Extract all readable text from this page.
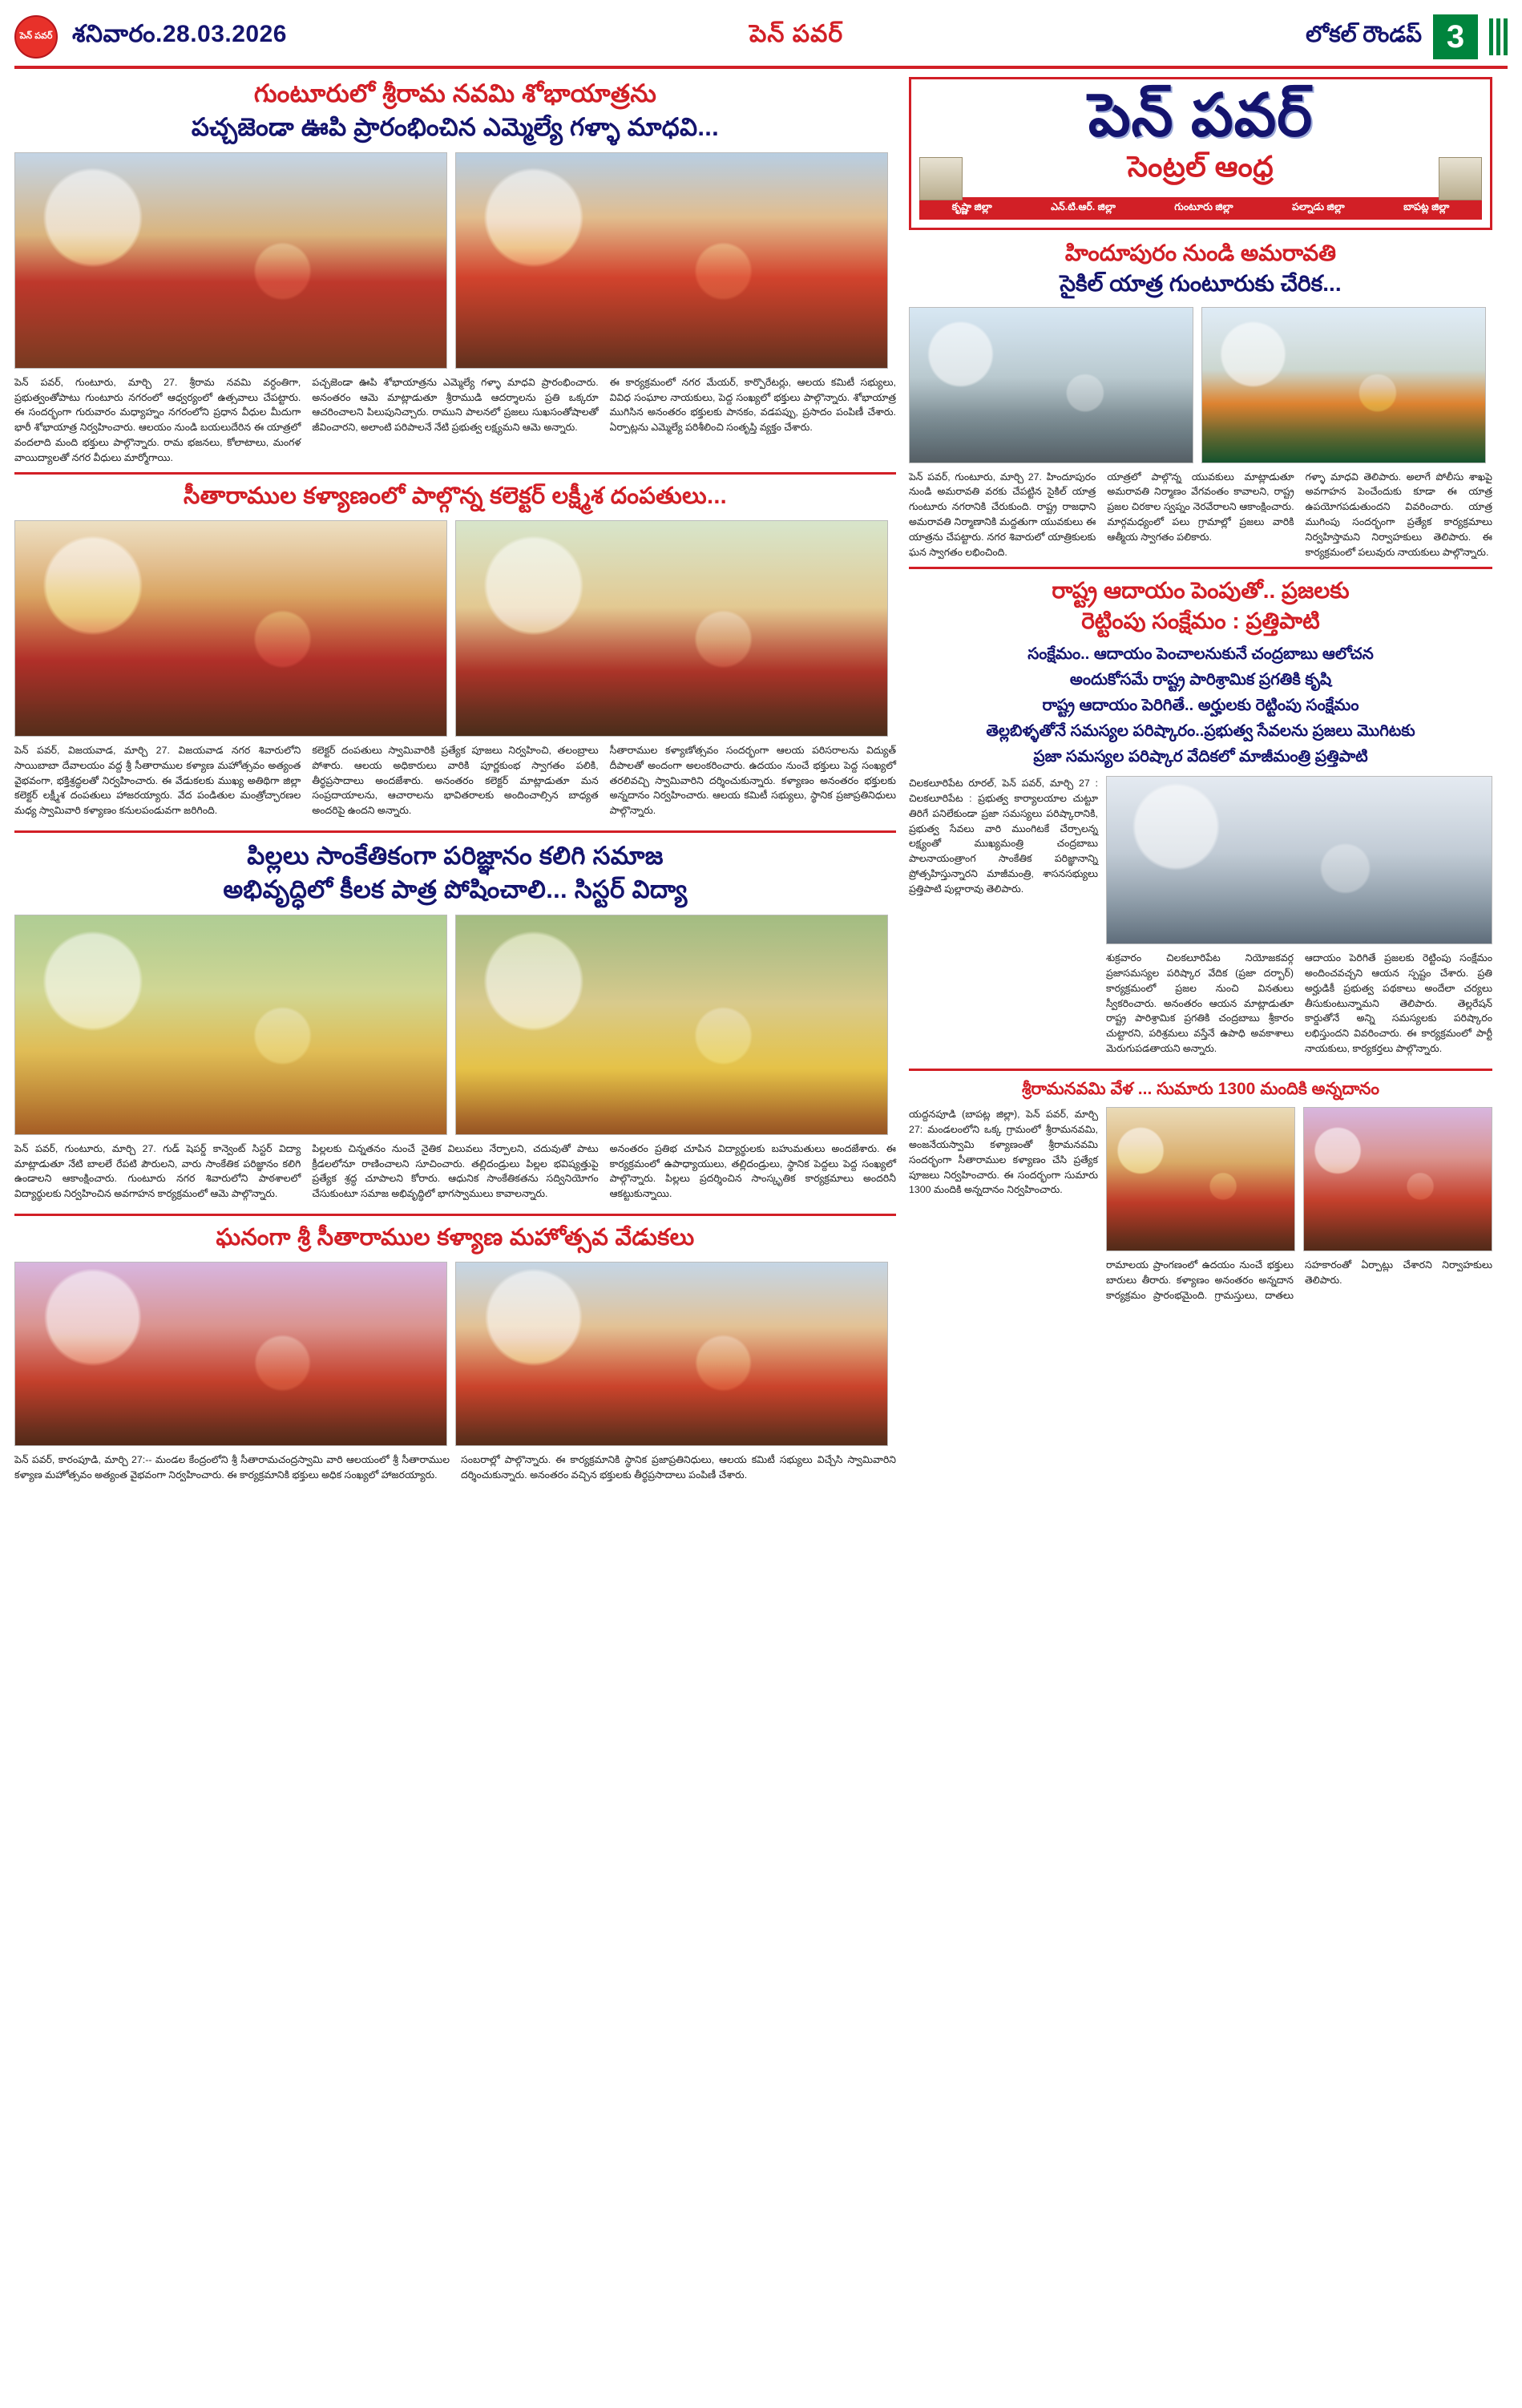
పెన్ పవర్ శనివారం.28.03.2026	పెన్ పవర్	లోకల్ రౌండప్ 3
గుంటూరులో శ్రీరామ నవమి శోభాయాత్రను
పచ్చజెండా ఊపి ప్రారంభించిన ఎమ్మెల్యే గళ్ళా మాధవి...

పెన్ పవర్, గుంటూరు, మార్చి 27. శ్రీరామ నవమి వర్ధంతిగా, ప్రభుత్వంతోపాటు గుంటూరు నగరంలో ఆధ్వర్యంలో ఉత్సవాలు చేపట్టారు. ఈ సందర్భంగా గురువారం మధ్యాహ్నం నగరంలోని ప్రధాన వీధుల మీదుగా భారీ శోభాయాత్ర నిర్వహించారు. ఆలయం నుండి బయలుదేరిన ఈ యాత్రలో వందలాది మంది భక్తులు పాల్గొన్నారు. రామ భజనలు, కోలాటాలు, మంగళ వాయిద్యాలతో నగర వీధులు మార్మోగాయి.

పచ్చజెండా ఊపి శోభాయాత్రను ఎమ్మెల్యే గళ్ళా మాధవి ప్రారంభించారు. అనంతరం ఆమె మాట్లాడుతూ శ్రీరాముడి ఆదర్శాలను ప్రతి ఒక్కరూ ఆచరించాలని పిలుపునిచ్చారు. రాముని పాలనలో ప్రజలు సుఖసంతోషాలతో జీవించారని, అలాంటి పరిపాలనే నేటి ప్రభుత్వ లక్ష్యమని ఆమె అన్నారు.

ఈ కార్యక్రమంలో నగర మేయర్, కార్పొరేటర్లు, ఆలయ కమిటీ సభ్యులు, వివిధ సంఘాల నాయకులు, పెద్ద సంఖ్యలో భక్తులు పాల్గొన్నారు. శోభాయాత్ర ముగిసిన అనంతరం భక్తులకు పానకం, వడపప్పు, ప్రసాదం పంపిణీ చేశారు. ఏర్పాట్లను ఎమ్మెల్యే పరిశీలించి సంతృప్తి వ్యక్తం చేశారు.

సీతారాముల కళ్యాణంలో పాల్గొన్న కలెక్టర్ లక్ష్మీశ దంపతులు...

పెన్ పవర్, విజయవాడ, మార్చి 27. విజయవాడ నగర శివారులోని సాయిబాబా దేవాలయం వద్ద శ్రీ సీతారాముల కళ్యాణ మహోత్సవం అత్యంత వైభవంగా, భక్తిశ్రద్ధలతో నిర్వహించారు. ఈ వేడుకలకు ముఖ్య అతిథిగా జిల్లా కలెక్టర్ లక్ష్మీశ దంపతులు హాజరయ్యారు. వేద పండితుల మంత్రోచ్ఛారణల మధ్య స్వామివారి కళ్యాణం కనులపండువగా జరిగింది.

కలెక్టర్ దంపతులు స్వామివారికి ప్రత్యేక పూజలు నిర్వహించి, తలంబ్రాలు పోశారు. ఆలయ అధికారులు వారికి పూర్ణకుంభ స్వాగతం పలికి, తీర్థప్రసాదాలు అందజేశారు. అనంతరం కలెక్టర్ మాట్లాడుతూ మన సంప్రదాయాలను, ఆచారాలను భావితరాలకు అందించాల్సిన బాధ్యత అందరిపై ఉందని అన్నారు.

సీతారాముల కళ్యాణోత్సవం సందర్భంగా ఆలయ పరిసరాలను విద్యుత్ దీపాలతో అందంగా అలంకరించారు. ఉదయం నుంచే భక్తులు పెద్ద సంఖ్యలో తరలివచ్చి స్వామివారిని దర్శించుకున్నారు. కళ్యాణం అనంతరం భక్తులకు అన్నదానం నిర్వహించారు. ఆలయ కమిటీ సభ్యులు, స్థానిక ప్రజాప్రతినిధులు పాల్గొన్నారు.

పిల్లలు సాంకేతికంగా పరిజ్ఞానం కలిగి సమాజ
అభివృద్ధిలో కీలక పాత్ర పోషించాలి... సిస్టర్ విద్యా

పెన్ పవర్, గుంటూరు, మార్చి 27. గుడ్ షెపర్డ్ కాన్వెంట్ సిస్టర్ విద్యా మాట్లాడుతూ నేటి బాలలే రేపటి పౌరులని, వారు సాంకేతిక పరిజ్ఞానం కలిగి ఉండాలని ఆకాంక్షించారు. గుంటూరు నగర శివారులోని పాఠశాలలో విద్యార్థులకు నిర్వహించిన అవగాహన కార్యక్రమంలో ఆమె పాల్గొన్నారు.

పిల్లలకు చిన్నతనం నుంచే నైతిక విలువలు నేర్పాలని, చదువుతో పాటు క్రీడలలోనూ రాణించాలని సూచించారు. తల్లిదండ్రులు పిల్లల భవిష్యత్తుపై ప్రత్యేక శ్రద్ధ చూపాలని కోరారు. ఆధునిక సాంకేతికతను సద్వినియోగం చేసుకుంటూ సమాజ అభివృద్ధిలో భాగస్వాములు కావాలన్నారు.

అనంతరం ప్రతిభ చూపిన విద్యార్థులకు బహుమతులు అందజేశారు. ఈ కార్యక్రమంలో ఉపాధ్యాయులు, తల్లిదండ్రులు, స్థానిక పెద్దలు పెద్ద సంఖ్యలో పాల్గొన్నారు. పిల్లలు ప్రదర్శించిన సాంస్కృతిక కార్యక్రమాలు అందరినీ ఆకట్టుకున్నాయి.

ఘనంగా శ్రీ సీతారాముల కళ్యాణ మహోత్సవ వేడుకలు

పెన్ పవర్, కారంపూడి, మార్చి 27:-- మండల కేంద్రంలోని శ్రీ సీతారామచంద్రస్వామి వారి ఆలయంలో శ్రీ సీతారాముల కళ్యాణ మహోత్సవం అత్యంత వైభవంగా నిర్వహించారు. ఈ కార్యక్రమానికి భక్తులు అధిక సంఖ్యలో హాజరయ్యారు.

సంబరాల్లో పాల్గొన్నారు. ఈ కార్యక్రమానికి స్థానిక ప్రజాప్రతినిధులు, ఆలయ కమిటీ సభ్యులు విచ్చేసి స్వామివారిని దర్శించుకున్నారు. అనంతరం వచ్చిన భక్తులకు తీర్థప్రసాదాలు పంపిణీ చేశారు.

పెన్ పవర్
సెంట్రల్ ఆంధ్ర
కృష్ణా జిల్లా	ఎన్.టి.ఆర్. జిల్లా	గుంటూరు జిల్లా	పల్నాడు జిల్లా	బాపట్ల జిల్లా
హిందూపురం నుండి అమరావతి
సైకిల్ యాత్ర గుంటూరుకు చేరిక...

పెన్ పవర్, గుంటూరు, మార్చి 27. హిందూపురం నుండి అమరావతి వరకు చేపట్టిన సైకిల్ యాత్ర గుంటూరు నగరానికి చేరుకుంది. రాష్ట్ర రాజధాని అమరావతి నిర్మాణానికి మద్దతుగా యువకులు ఈ యాత్రను చేపట్టారు. నగర శివారులో యాత్రికులకు ఘన స్వాగతం లభించింది.

యాత్రలో పాల్గొన్న యువకులు మాట్లాడుతూ అమరావతి నిర్మాణం వేగవంతం కావాలని, రాష్ట్ర ప్రజల చిరకాల స్వప్నం నెరవేరాలని ఆకాంక్షించారు. మార్గమధ్యంలో పలు గ్రామాల్లో ప్రజలు వారికి ఆత్మీయ స్వాగతం పలికారు.

గళ్ళా మాధవి తెలిపారు. అలాగే పోలీసు శాఖపై అవగాహన పెంచేందుకు కూడా ఈ యాత్ర ఉపయోగపడుతుందని వివరించారు. యాత్ర ముగింపు సందర్భంగా ప్రత్యేక కార్యక్రమాలు నిర్వహిస్తామని నిర్వాహకులు తెలిపారు. ఈ కార్యక్రమంలో పలువురు నాయకులు పాల్గొన్నారు.

రాష్ట్ర ఆదాయం పెంపుతో.. ప్రజలకు
రెట్టింపు సంక్షేమం : ప్రత్తిపాటి
సంక్షేమం.. ఆదాయం పెంచాలనుకునే చంద్రబాబు ఆలోచన
అందుకోసమే రాష్ట్ర పారిశ్రామిక ప్రగతికి కృషి
రాష్ట్ర ఆదాయం పెరిగితే.. అర్హులకు రెట్టింపు సంక్షేమం
తెల్లబిళ్ళతోనే సమస్యల పరిష్కారం..ప్రభుత్వ సేవలను ప్రజలు మొగిటకు
ప్రజా సమస్యల పరిష్కార వేదికలో మాజీమంత్రి ప్రత్తిపాటి
చిలకలూరిపేట రూరల్, పెన్ పవర్, మార్చి 27 : చిలకలూరిపేట : ప్రభుత్వ కార్యాలయాల చుట్టూ తిరిగే పనిలేకుండా ప్రజా సమస్యలు పరిష్కారానికి, ప్రభుత్వ సేవలు వారి ముంగిటకే చేర్చాలన్న లక్ష్యంతో ముఖ్యమంత్రి చంద్రబాబు పాలనాయంత్రాంగ సాంకేతిక పరిజ్ఞానాన్ని ప్రోత్సహిస్తున్నారని మాజీమంత్రి, శాసనసభ్యులు ప్రత్తిపాటి పుల్లారావు తెలిపారు.

శుక్రవారం చిలకలూరిపేట నియోజకవర్గ ప్రజాసమస్యల పరిష్కార వేదిక (ప్రజా దర్బార్) కార్యక్రమంలో ప్రజల నుంచి వినతులు స్వీకరించారు. అనంతరం ఆయన మాట్లాడుతూ రాష్ట్ర పారిశ్రామిక ప్రగతికి చంద్రబాబు శ్రీకారం చుట్టారని, పరిశ్రమలు వస్తేనే ఉపాధి అవకాశాలు మెరుగుపడతాయని అన్నారు.

ఆదాయం పెరిగితే ప్రజలకు రెట్టింపు సంక్షేమం అందించవచ్చని ఆయన స్పష్టం చేశారు. ప్రతి అర్హుడికీ ప్రభుత్వ పథకాలు అందేలా చర్యలు తీసుకుంటున్నామని తెలిపారు. తెల్లరేషన్ కార్డుతోనే అన్ని సమస్యలకు పరిష్కారం లభిస్తుందని వివరించారు. ఈ కార్యక్రమంలో పార్టీ నాయకులు, కార్యకర్తలు పాల్గొన్నారు.

శ్రీరామనవమి వేళ ... సుమారు 1300 మందికి అన్నదానం
యద్దనపూడి (బాపట్ల జిల్లా), పెన్ పవర్, మార్చి 27: మండలంలోని ఒక్క గ్రామంలో శ్రీరామనవమి, అంజనేయస్వామి కళ్యాణంతో శ్రీరామనవమి సందర్భంగా సీతారాముల కళ్యాణం చేసి ప్రత్యేక పూజలు నిర్వహించారు. ఈ సందర్భంగా సుమారు 1300 మందికి అన్నదానం నిర్వహించారు.

రామాలయ ప్రాంగణంలో ఉదయం నుంచే భక్తులు బారులు తీరారు. కళ్యాణం అనంతరం అన్నదాన కార్యక్రమం ప్రారంభమైంది. గ్రామస్తులు, దాతలు సహకారంతో ఏర్పాట్లు చేశారని నిర్వాహకులు తెలిపారు.
